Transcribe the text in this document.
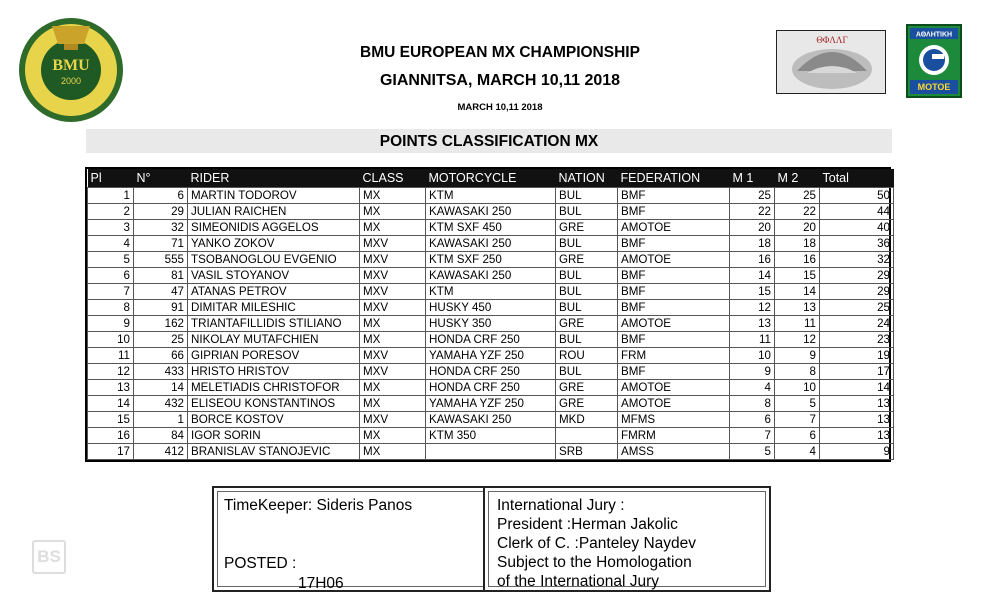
BMU
2000
BMU EUROPEAN MX CHAMPIONSHIP
GIANNITSA, MARCH 10,11 2018
MARCH 10,11 2018
ΘΦΛΛΓ	ΑΘΛΗΤΙΚΗ
ΜΟΤΟΕ
POINTS CLASSIFICATION MX
Pl	N°	RIDER	CLASS	MOTORCYCLE	NATION	FEDERATION	M 1	M 2	Total
1	6	MARTIN TODOROV	MX	KTM	BUL	BMF	25	25	50
2	29	JULIAN RAICHEN	MX	KAWASAKI 250	BUL	BMF	22	22	44
3	32	SIMEONIDIS AGGELOS	MX	KTM SXF 450	GRE	AMOTOE	20	20	40
4	71	YANKO ZOKOV	MXV	KAWASAKI 250	BUL	BMF	18	18	36
5	555	TSOBANOGLOU EVGENIO	MXV	KTM SXF 250	GRE	AMOTOE	16	16	32
6	81	VASIL STOYANOV	MXV	KAWASAKI 250	BUL	BMF	14	15	29
7	47	ATANAS PETROV	MXV	KTM	BUL	BMF	15	14	29
8	91	DIMITAR MILESHIC	MXV	HUSKY 450	BUL	BMF	12	13	25
9	162	TRIANTAFILLIDIS STILIANO	MX	HUSKY 350	GRE	AMOTOE	13	11	24
10	25	NIKOLAY MUTAFCHIEN	MX	HONDA CRF 250	BUL	BMF	11	12	23
11	66	GIPRIAN PORESOV	MXV	YAMAHA YZF 250	ROU	FRM	10	9	19
12	433	HRISTO HRISTOV	MXV	HONDA CRF 250	BUL	BMF	9	8	17
13	14	MELETIADIS CHRISTOFOR	MX	HONDA CRF 250	GRE	AMOTOE	4	10	14
14	432	ELISEOU KONSTANTINOS	MX	YAMAHA YZF 250	GRE	AMOTOE	8	5	13
15	1	BORCE KOSTOV	MXV	KAWASAKI 250	MKD	MFMS	6	7	13
16	84	IGOR SORIN	MX	KTM 350		FMRM	7	6	13
17	412	BRANISLAV STANOJEVIC	MX		SRB	AMSS	5	4	9
TimeKeeper: Sideris Panos
POSTED :
17H06
International Jury :
President :Herman Jakolic
Clerk of C. :Panteley Naydev
Subject to the Homologation
of the International Jury
BS
